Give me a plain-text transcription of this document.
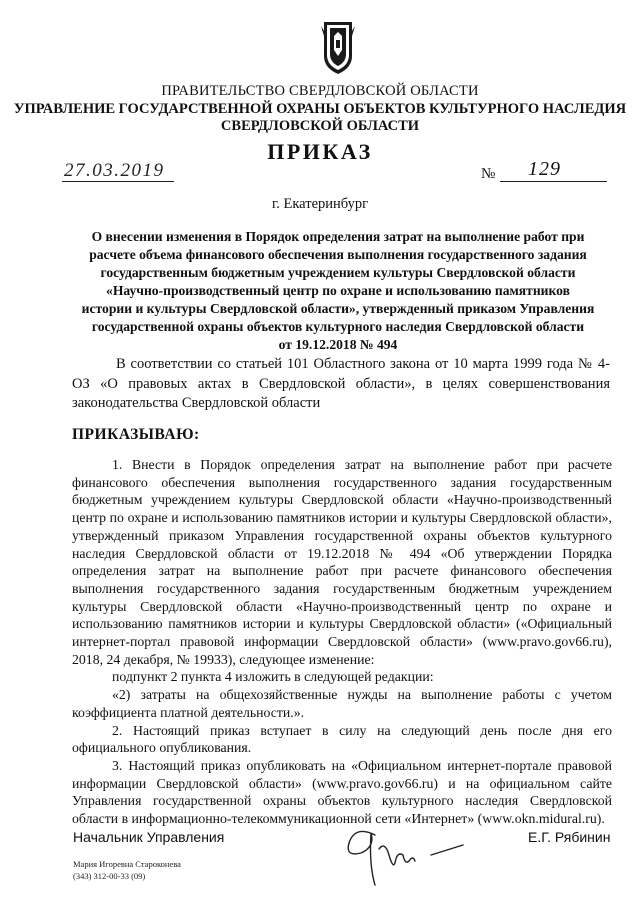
ПРАВИТЕЛЬСТВО СВЕРДЛОВСКОЙ ОБЛАСТИ
УПРАВЛЕНИЕ ГОСУДАРСТВЕННОЙ ОХРАНЫ ОБЪЕКТОВ КУЛЬТУРНОГО НАСЛЕДИЯ
СВЕРДЛОВСКОЙ ОБЛАСТИ
ПРИКАЗ
27.03.2019	№ 129
г. Екатеринбург
О внесении изменения в Порядок определения затрат на выполнение работ при
расчете объема финансового обеспечения выполнения государственного задания
государственным бюджетным учреждением культуры Свердловской области
«Научно-производственный центр по охране и использованию памятников
истории и культуры Свердловской области», утвержденный приказом Управления
государственной охраны объектов культурного наследия Свердловской области
от 19.12.2018 № 494

В соответствии со статьей 101 Областного закона от 10 марта 1999 года № 4-ОЗ «О правовых актах в Свердловской области», в целях совершенствования законодательства Свердловской области

ПРИКАЗЫВАЮ:

1. Внести в Порядок определения затрат на выполнение работ при расчете финансового обеспечения выполнения государственного задания государственным бюджетным учреждением культуры Свердловской области «Научно-производственный центр по охране и использованию памятников истории и культуры Свердловской области», утвержденный приказом Управления государственной охраны объектов культурного наследия Свердловской области от 19.12.2018 № 494 «Об утверждении Порядка определения затрат на выполнение работ при расчете финансового обеспечения выполнения государственного задания государственным бюджетным учреждением культуры Свердловской области «Научно-производственный центр по охране и использованию памятников истории и культуры Свердловской области» («Официальный интернет-портал правовой информации Свердловской области» (www.pravo.gov66.ru), 2018, 24 декабря, № 19933), следующее изменение:

подпункт 2 пункта 4 изложить в следующей редакции:

«2) затраты на общехозяйственные нужды на выполнение работы с учетом коэффициента платной деятельности.».

2. Настоящий приказ вступает в силу на следующий день после дня его официального опубликования.

3. Настоящий приказ опубликовать на «Официальном интернет-портале правовой информации Свердловской области» (www.pravo.gov66.ru) и на официальном сайте Управления государственной охраны объектов культурного наследия Свердловской области в информационно-телекоммуникационной сети «Интернет» (www.okn.midural.ru).

Начальник Управления	Е.Г. Рябинин
Мария Игоревна Староконева
(343) 312-00-33 (09)
